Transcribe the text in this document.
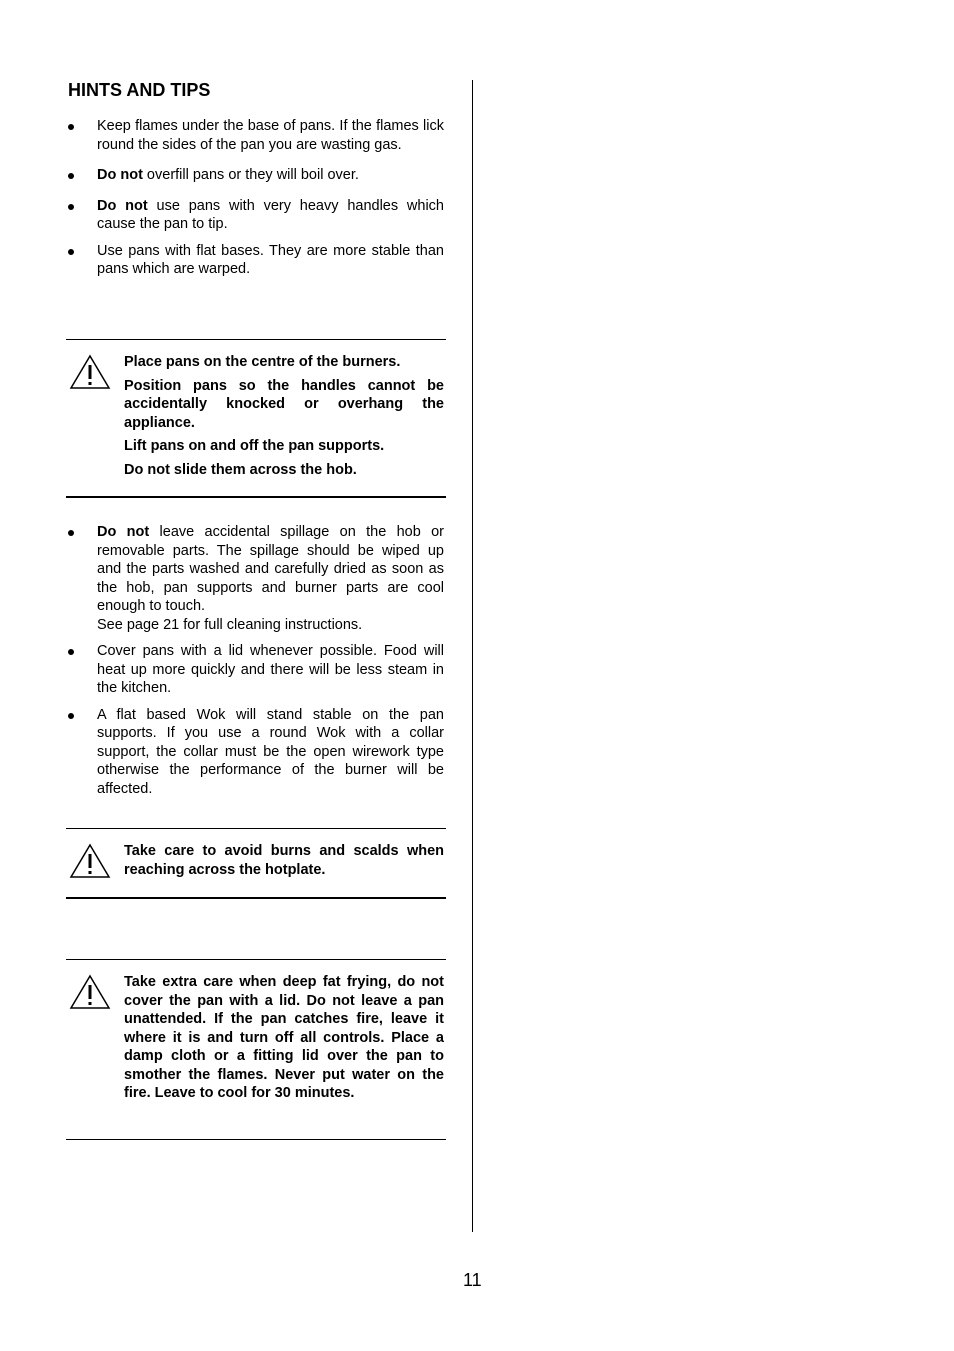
HINTS AND TIPS
Keep flames under the base of pans. If the flames lick round the sides of the pan you are wasting gas.
Do not overfill pans or they will boil over.
Do not use pans with very heavy handles which cause the pan to tip.
Use pans with flat bases. They are more stable than pans which are warped.

Place pans on the centre of the burners.

Position pans so the handles cannot be accidentally knocked or overhang the appliance.

Lift pans on and off the pan supports.

Do not slide them across the hob.

Do not leave accidental spillage on the hob or removable parts. The spillage should be wiped up and the parts washed and carefully dried as soon as the hob, pan supports and burner parts are cool enough to touch.
See page 21 for full cleaning instructions.
Cover pans with a lid whenever possible. Food will heat up more quickly and there will be less steam in the kitchen.
A flat based Wok will stand stable on the pan supports. If you use a round Wok with a collar support, the collar must be the open wirework type otherwise the performance of the burner will be affected.
Take care to avoid burns and scalds when reaching across the hotplate.
Take extra care when deep fat frying, do not cover the pan with a lid. Do not leave a pan unattended. If the pan catches fire, leave it where it is and turn off all controls. Place a damp cloth or a fitting lid over the pan to smother the flames. Never put water on the fire. Leave to cool for 30 minutes.
11
